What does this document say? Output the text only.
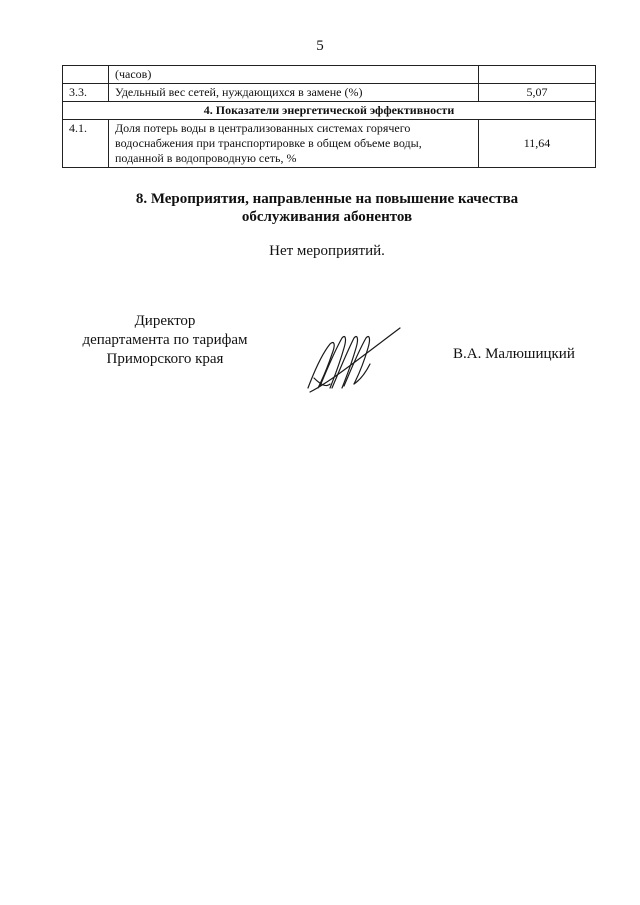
5
	(часов)	
3.3.	Удельный вес сетей, нуждающихся в замене (%)	5,07
4. Показатели энергетической эффективности		
4.1.	Доля потерь воды в централизованных системах горячего
водоснабжения при транспортировке в общем объеме воды,
поданной в водопроводную сеть, %	11,64
8. Мероприятия, направленные на повышение качества
обслуживания абонентов
Нет мероприятий.
Директор
департамента по тарифам
Приморского края	В.А. Малюшицкий
